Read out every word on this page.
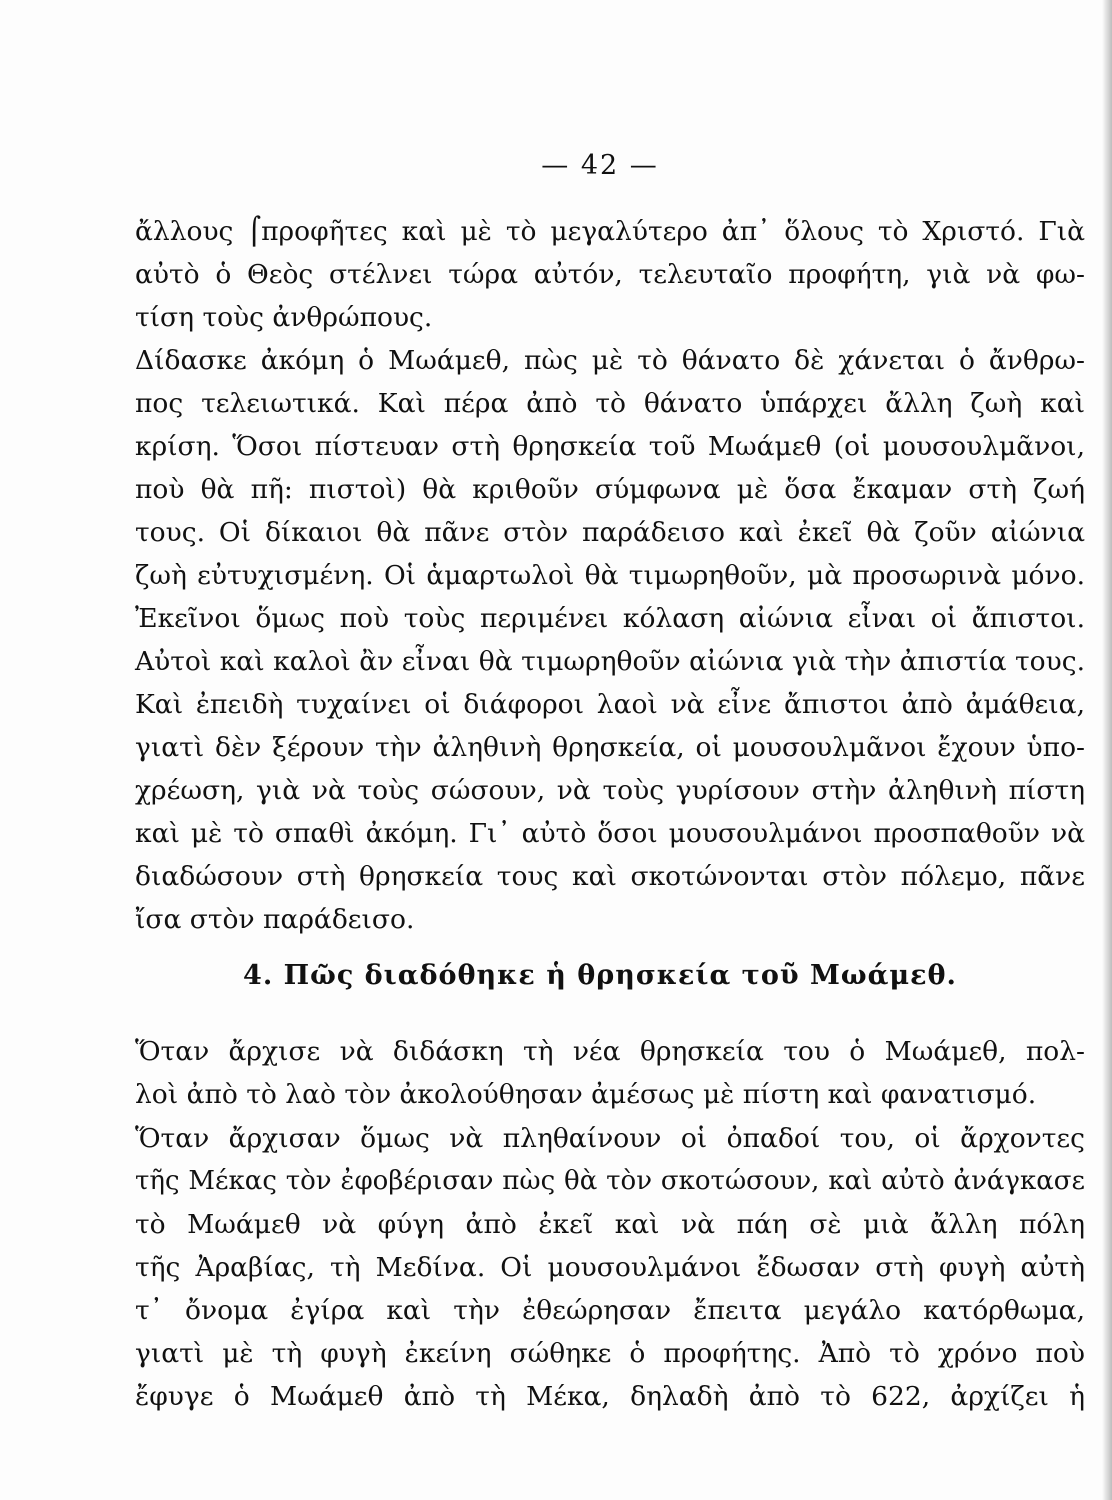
— 42 —
ἄλλους ⌠προφῆτες καὶ μὲ τὸ μεγαλύτερο ἀπ᾿ ὅλους τὸ Χριστό. Γιὰ
αὐτὸ ὁ Θεὸς στέλνει τώρα αὐτόν, τελευταῖο προφήτη, γιὰ νὰ φω-
τίση τοὺς ἀνθρώπους.
Δίδασκε ἀκόμη ὁ Μωάμεθ, πὼς μὲ τὸ θάνατο δὲ χάνεται ὁ ἄνθρω-
πος τελειωτικά. Καὶ πέρα ἀπὸ τὸ θάνατο ὑπάρχει ἄλλη ζωὴ καὶ
κρίση. Ὅσοι πίστευαν στὴ θρησκεία τοῦ Μωάμεθ (οἱ μουσουλμᾶνοι,
ποὺ θὰ πῆ: πιστοὶ) θὰ κριθοῦν σύμφωνα μὲ ὅσα ἔκαμαν στὴ ζωή
τους. Οἱ δίκαιοι θὰ πᾶνε στὸν παράδεισο καὶ ἐκεῖ θὰ ζοῦν αἰώνια
ζωὴ εὐτυχισμένη. Οἱ ἁμαρτωλοὶ θὰ τιμωρηθοῦν, μὰ προσωρινὰ μόνο.
Ἐκεῖνοι ὅμως ποὺ τοὺς περιμένει κόλαση αἰώνια εἶναι οἱ ἄπιστοι.
Αὐτοὶ καὶ καλοὶ ἂν εἶναι θὰ τιμωρηθοῦν αἰώνια γιὰ τὴν ἀπιστία τους.
Καὶ ἐπειδὴ τυχαίνει οἱ διάφοροι λαοὶ νὰ εἶνε ἄπιστοι ἀπὸ ἀμάθεια,
γιατὶ δὲν ξέρουν τὴν ἀληθινὴ θρησκεία, οἱ μουσουλμᾶνοι ἔχουν ὑπο-
χρέωση, γιὰ νὰ τοὺς σώσουν, νὰ τοὺς γυρίσουν στὴν ἀληθινὴ πίστη
καὶ μὲ τὸ σπαθὶ ἀκόμη. Γι᾿ αὐτὸ ὅσοι μουσουλμάνοι προσπαθοῦν νὰ
διαδώσουν στὴ θρησκεία τους καὶ σκοτώνονται στὸν πόλεμο, πᾶνε
ἴσα στὸν παράδεισο.
4. Πῶς διαδόθηκε ἡ θρησκεία τοῦ Μωάμεθ.
Ὅταν ἄρχισε νὰ διδάσκη τὴ νέα θρησκεία του ὁ Μωάμεθ, πολ-
λοὶ ἀπὸ τὸ λαὸ τὸν ἀκολούθησαν ἀμέσως μὲ πίστη καὶ φανατισμό.
Ὅταν ἄρχισαν ὅμως νὰ πληθαίνουν οἱ ὀπαδοί του, οἱ ἄρχοντες
τῆς Μέκας τὸν ἐφοβέρισαν πὼς θὰ τὸν σκοτώσουν, καὶ αὐτὸ ἀνάγκασε
τὸ Μωάμεθ νὰ φύγη ἀπὸ ἐκεῖ καὶ νὰ πάη σὲ μιὰ ἄλλη πόλη
τῆς Ἀραβίας, τὴ Μεδίνα. Οἱ μουσουλμάνοι ἔδωσαν στὴ φυγὴ αὐτὴ
τ᾿ ὄνομα ἐγίρα καὶ τὴν ἐθεώρησαν ἔπειτα μεγάλο κατόρθωμα,
γιατὶ μὲ τὴ φυγὴ ἐκείνη σώθηκε ὁ προφήτης. Ἀπὸ τὸ χρόνο ποὺ
ἔφυγε ὁ Μωάμεθ ἀπὸ τὴ Μέκα, δηλαδὴ ἀπὸ τὸ 622, ἀρχίζει ἡ
